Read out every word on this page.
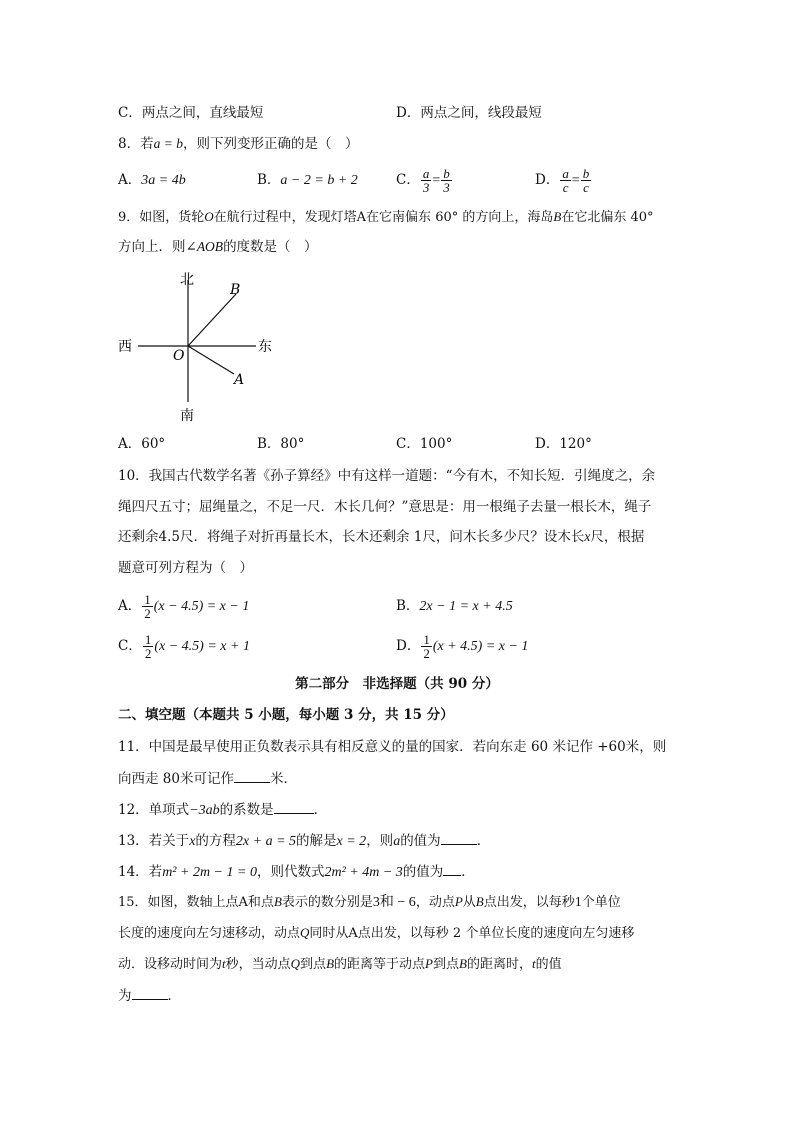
C．两点之间，直线最短	D．两点之间，线段最短
8．若a = b，则下列变形正确的是（　）
A．3a = 4b	B．a − 2 = b + 2	C． $\frac{a}{3} = \frac{b}{3}$	D． $\frac{a}{c} = \frac{b}{c}$
9．如图，货轮O在航行过程中，发现灯塔A在它南偏东 60° 的方向上，海岛B在它北偏东 40°
方向上．则∠AOB的度数是（　）
北
南
西	东
O
B
A
A．60°	B．80°	C．100°	D．120°
10．我国古代数学名著《孙子算经》中有这样一道题：“今有木，不知长短．引绳度之，余
绳四尺五寸；屈绳量之，不足一尺．木长几何？”意思是：用一根绳子去量一根长木，绳子
还剩余4.5尺．将绳子对折再量长木，长木还剩余 1尺，问木长多少尺？设木长x尺，根据
题意可列方程为（　）
A． $\frac{1}{2} (x - 4.5) = x - 1$	B．2x − 1 = x + 4.5
C． $\frac{1}{2} (x - 4.5) = x + 1$	D． $\frac{1}{2} (x + 4.5) = x - 1$
第二部分　非选择题（共 90 分）
二、填空题（本题共 5 小题，每小题 3 分，共 15 分）
11．中国是最早使用正负数表示具有相反意义的量的国家．若向东走 60 米记作 +60米，则
向西走 80米可记作	米．
12．单项式−3ab的系数是	．
13．若关于x的方程2x + a = 5的解是x = 2，则a的值为	．
14．若m² + 2m − 1 = 0，则代数式2m² + 4m − 3的值为 ．
15．如图，数轴上点A和点B表示的数分别是3和 − 6，动点P从B点出发，以每秒1个单位
长度的速度向左匀速移动，动点Q同时从A点出发，以每秒 2 个单位长度的速度向左匀速移
动．设移动时间为t秒，当动点Q到点B的距离等于动点P到点B的距离时，t的值
为	．
